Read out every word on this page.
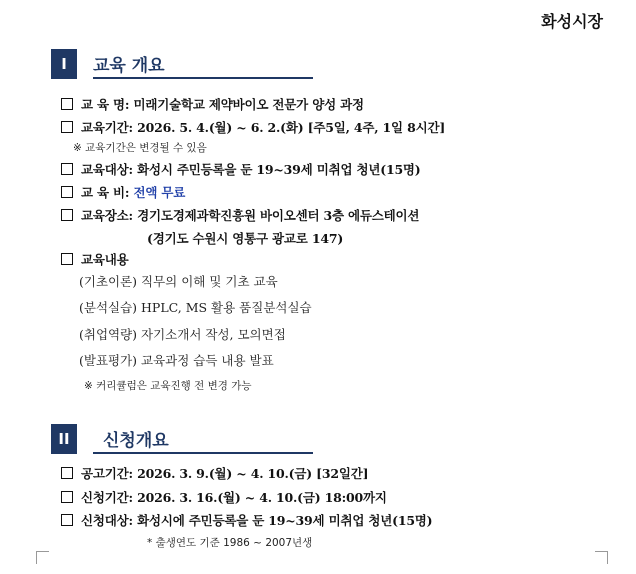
화성시장
I	교육 개요
교 육 명: 미래기술학교 제약바이오 전문가 양성 과정
교육기간: 2026. 5. 4.(월) ~ 6. 2.(화) [주5일, 4주, 1일 8시간]
※ 교육기간은 변경될 수 있음
교육대상: 화성시 주민등록을 둔 19~39세 미취업 청년(15명)
교 육 비: 전액 무료
교육장소: 경기도경제과학진흥원 바이오센터 3층 에듀스테이션
(경기도 수원시 영통구 광교로 147)
교육내용
(기초이론) 직무의 이해 및 기초 교육
(분석실습) HPLC, MS 활용 품질분석실습
(취업역량) 자기소개서 작성, 모의면접
(발표평가) 교육과정 습득 내용 발표
※ 커리큘럼은 교육진행 전 변경 가능
II	신청개요
공고기간: 2026. 3. 9.(월) ~ 4. 10.(금) [32일간]
신청기간: 2026. 3. 16.(월) ~ 4. 10.(금) 18:00까지
신청대상: 화성시에 주민등록을 둔 19~39세 미취업 청년(15명)
* 출생연도 기준 1986 ~ 2007년생
